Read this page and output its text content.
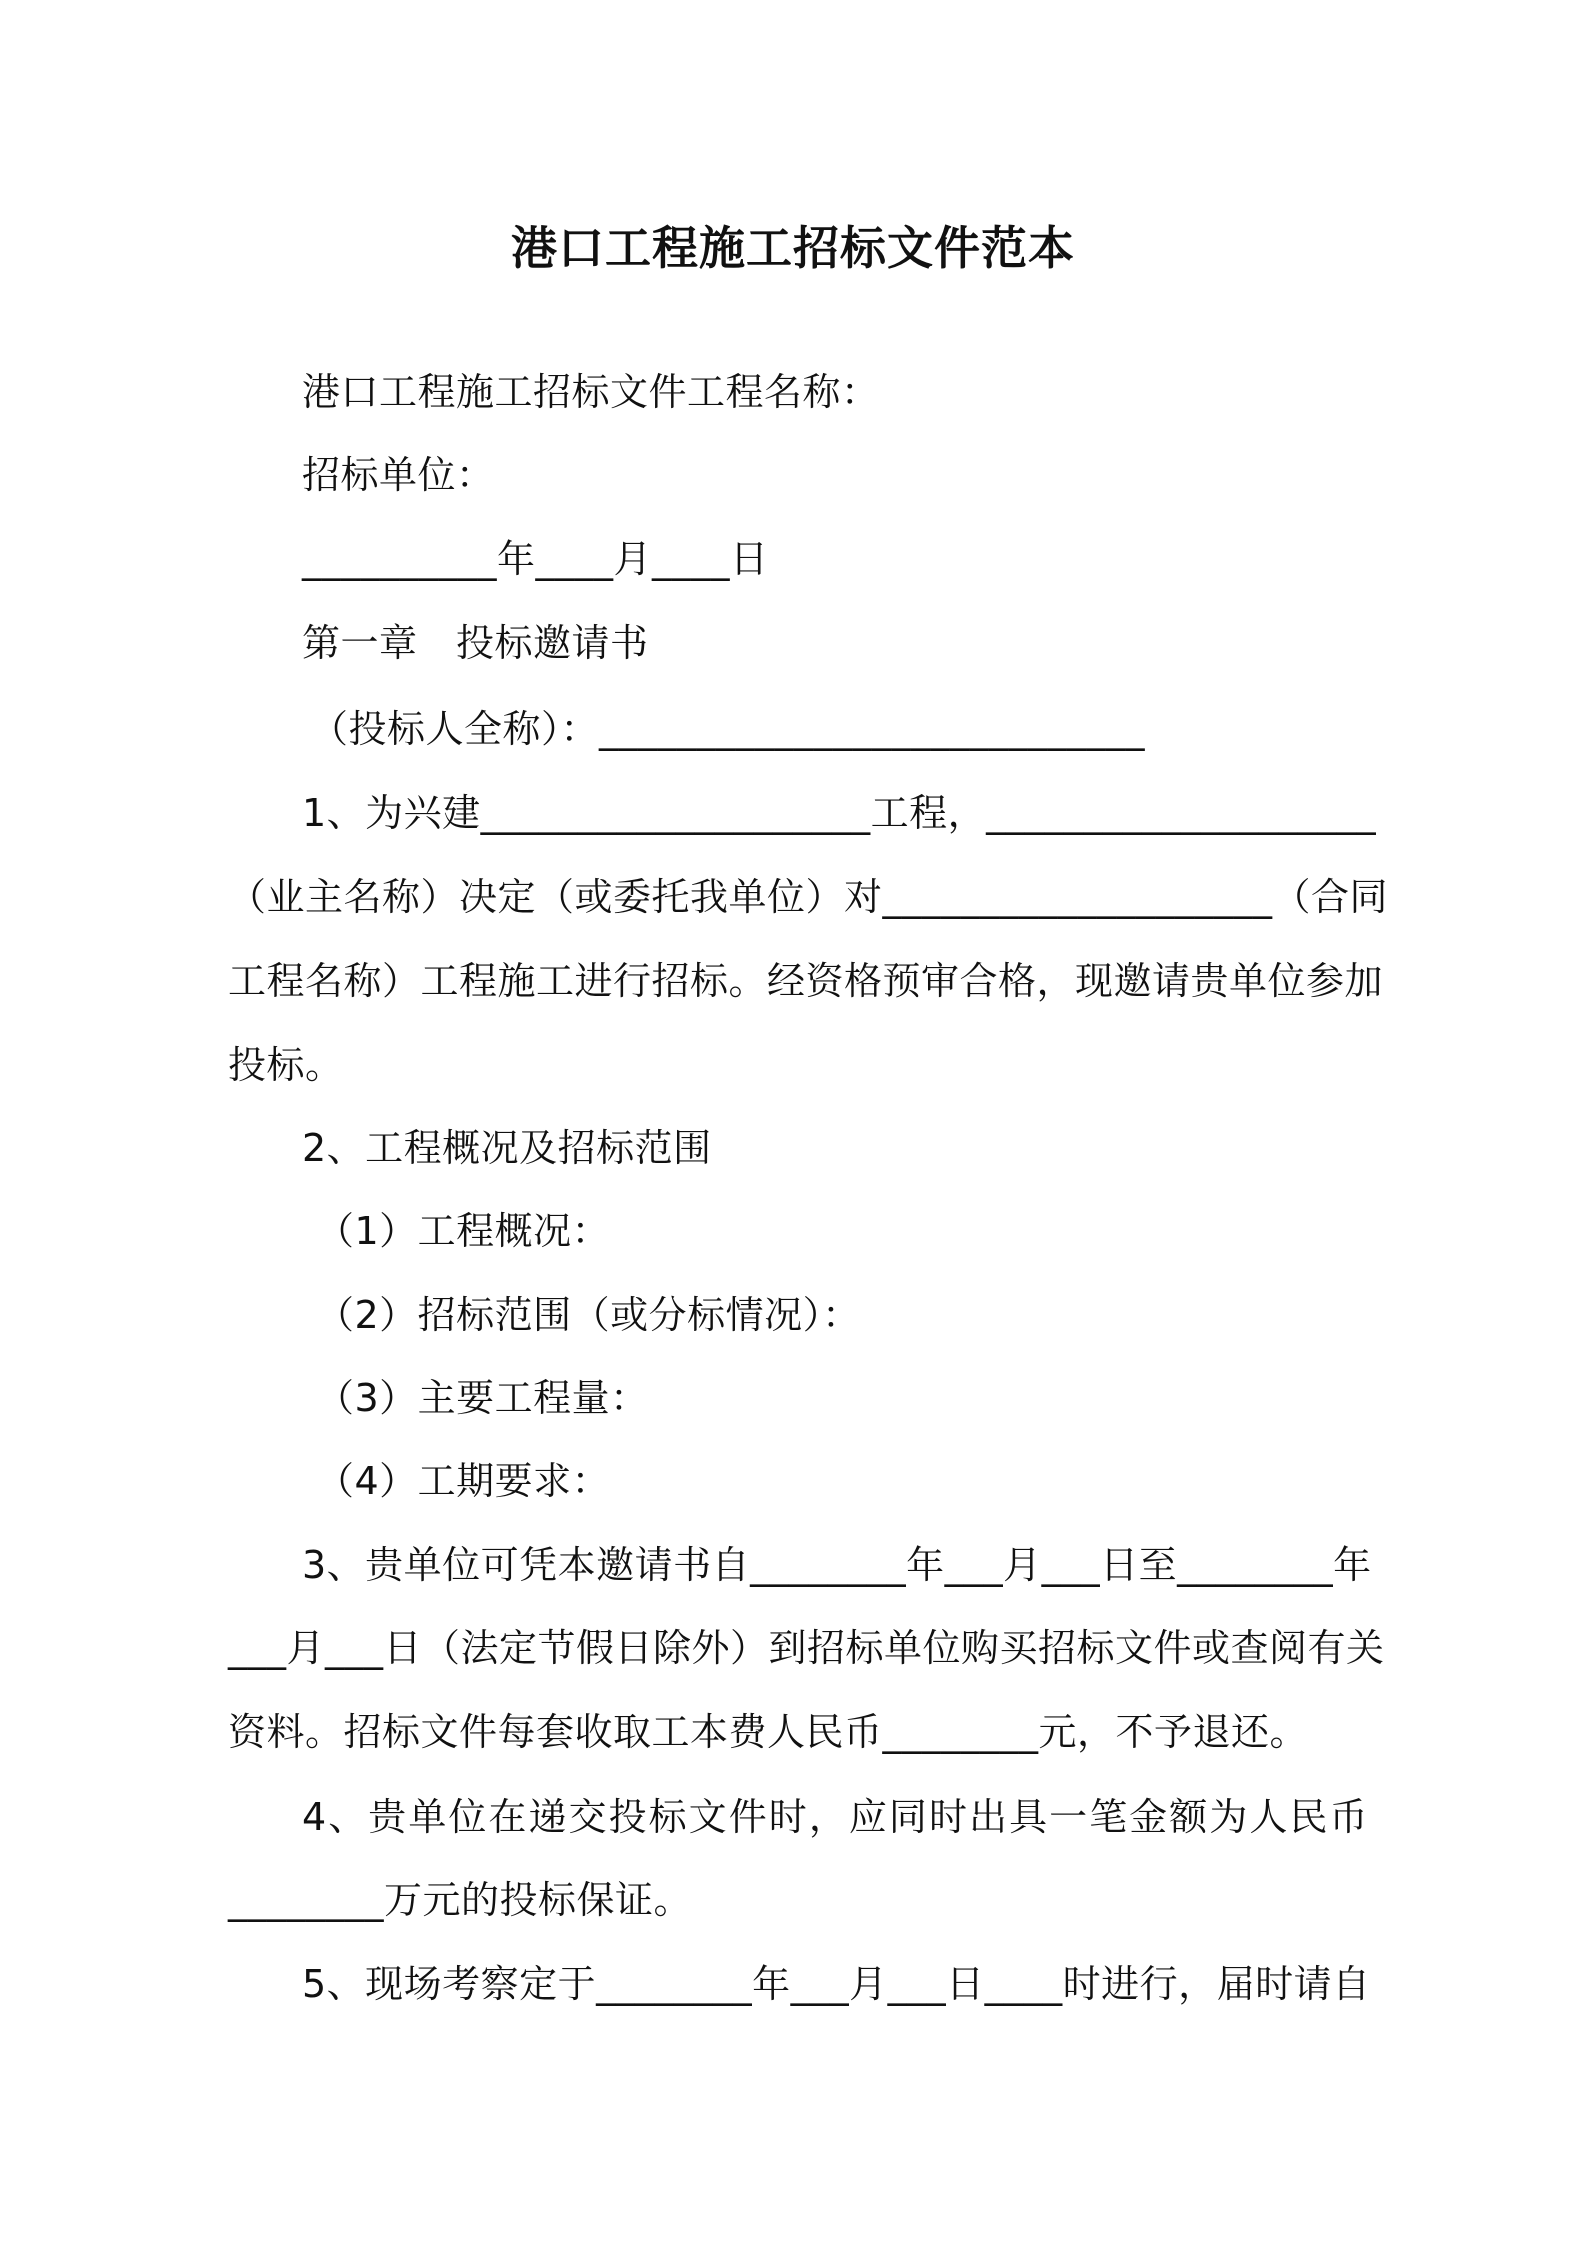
港口工程施工招标文件范本
港口工程施工招标文件工程名称：
招标单位：
__________年____月____日
第一章　投标邀请书
（投标人全称）：____________________________
1、为兴建____________________工程，____________________
（业主名称）决定（或委托我单位）对____________________（合同
工程名称）工程施工进行招标。经资格预审合格，现邀请贵单位参加
投标。
2、工程概况及招标范围
（1）工程概况：
（2）招标范围（或分标情况）：
（3）主要工程量：
（4）工期要求：
3、贵单位可凭本邀请书自________年___月___日至________年
___月___日（法定节假日除外）到招标单位购买招标文件或查阅有关
资料。招标文件每套收取工本费人民币________元，不予退还。
4、贵单位在递交投标文件时，应同时出具一笔金额为人民币
________万元的投标保证。
5、现场考察定于________年___月___日____时进行，届时请自
